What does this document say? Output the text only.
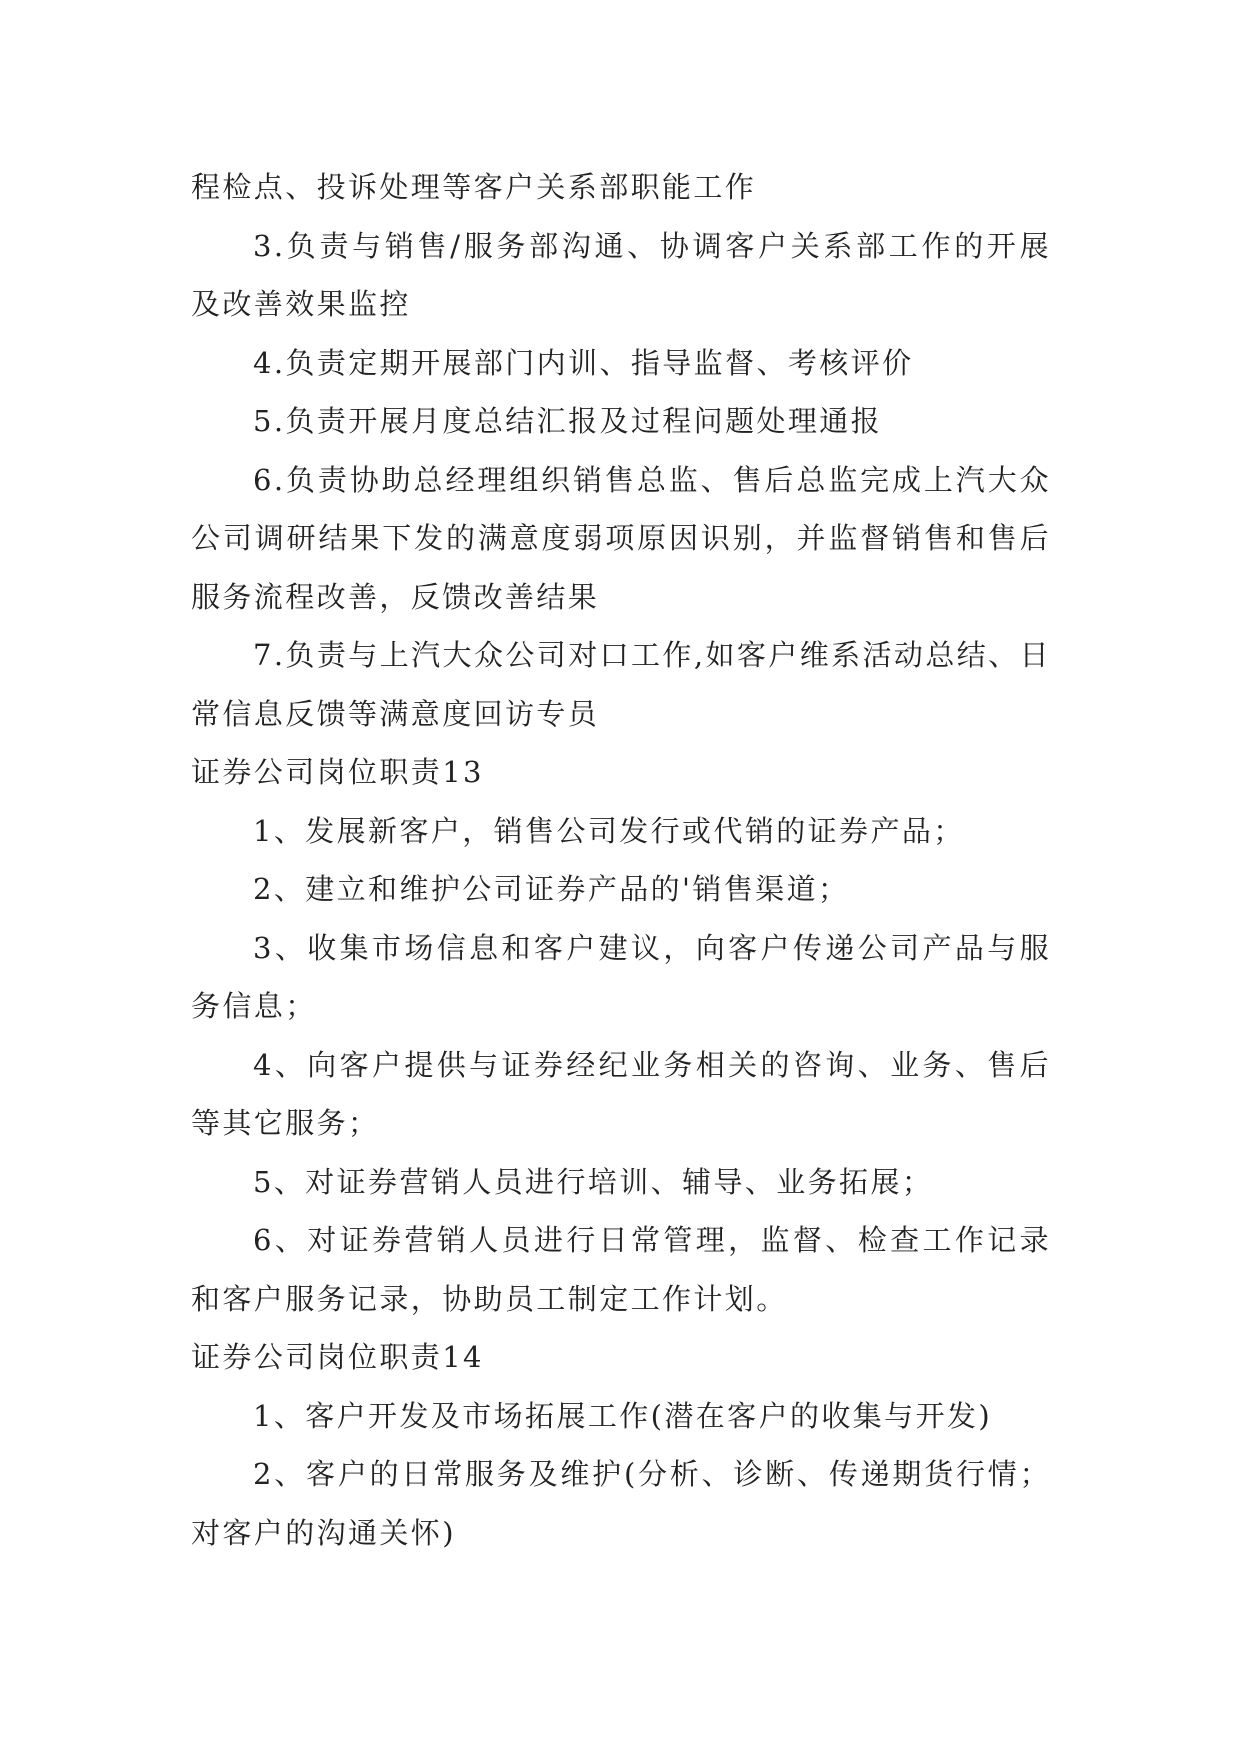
程检点、投诉处理等客户关系部职能工作

3.负责与销售/服务部沟通、协调客户关系部工作的开展及改善效果监控

4.负责定期开展部门内训、指导监督、考核评价

5.负责开展月度总结汇报及过程问题处理通报

6.负责协助总经理组织销售总监、售后总监完成上汽大众公司调研结果下发的满意度弱项原因识别，并监督销售和售后服务流程改善，反馈改善结果

7.负责与上汽大众公司对口工作,如客户维系活动总结、日常信息反馈等满意度回访专员

证券公司岗位职责13

1、发展新客户，销售公司发行或代销的证券产品；

2、建立和维护公司证券产品的'销售渠道；

3、收集市场信息和客户建议，向客户传递公司产品与服务信息；

4、向客户提供与证券经纪业务相关的咨询、业务、售后等其它服务；

5、对证券营销人员进行培训、辅导、业务拓展；

6、对证券营销人员进行日常管理，监督、检查工作记录和客户服务记录，协助员工制定工作计划。

证券公司岗位职责14

1、客户开发及市场拓展工作(潜在客户的收集与开发)

2、客户的日常服务及维护(分析、诊断、传递期货行情；对客户的沟通关怀)
